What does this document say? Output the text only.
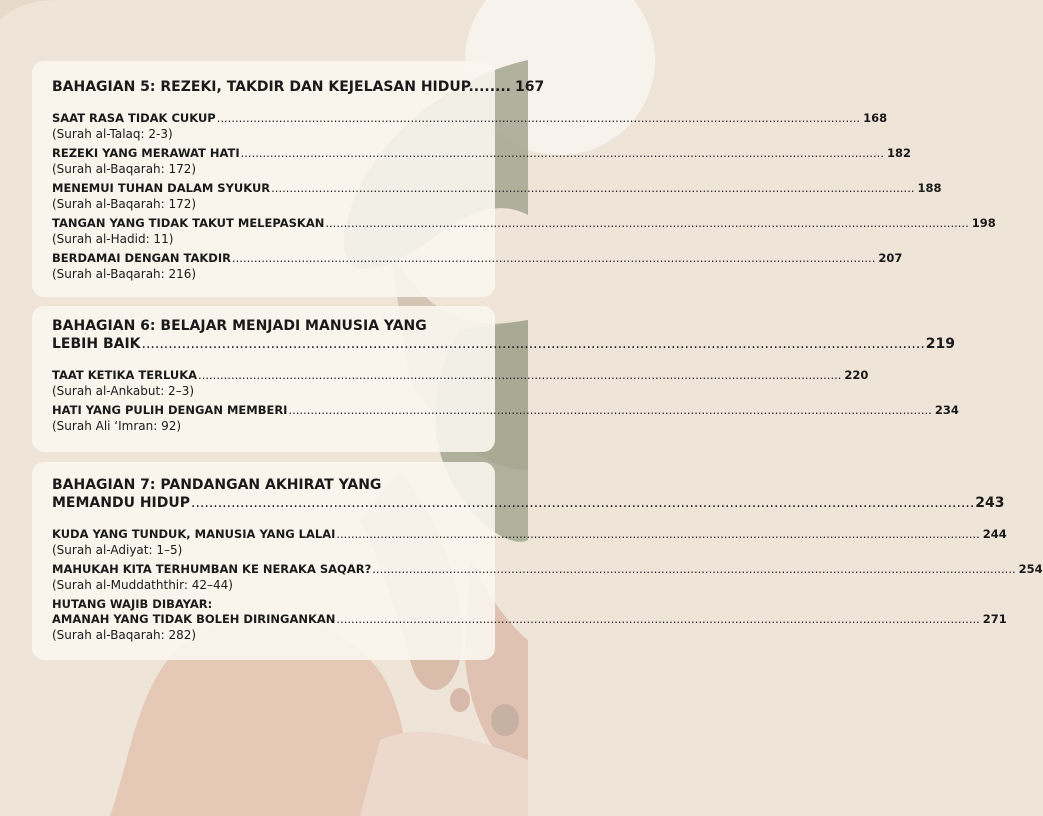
BAHAGIAN 5: REZEKI, TAKDIR DAN KEJELASAN HIDUP........ 167
SAAT RASA TIDAK CUKUP .....	168
(Surah al-Talaq: 2-3)
REZEKI YANG MERAWAT HATI .....	182
(Surah al-Baqarah: 172)
MENEMUI TUHAN DALAM SYUKUR .....	188
(Surah al-Baqarah: 172)
TANGAN YANG TIDAK TAKUT MELEPASKAN .....	198
(Surah al-Hadid: 11)
BERDAMAI DENGAN TAKDIR .....	207
(Surah al-Baqarah: 216)
BAHAGIAN 6: BELAJAR MENJADI MANUSIA YANG
LEBIH BAIK .....	219
TAAT KETIKA TERLUKA .....	220
(Surah al-Ankabut: 2–3)
HATI YANG PULIH DENGAN MEMBERI .....	234
(Surah Ali ‘Imran: 92)
BAHAGIAN 7: PANDANGAN AKHIRAT YANG
MEMANDU HIDUP .....	243
KUDA YANG TUNDUK, MANUSIA YANG LALAI .....	244
(Surah al-Adiyat: 1–5)
MAHUKAH KITA TERHUMBAN KE NERAKA SAQAR? .....	254
(Surah al-Muddaththir: 42–44)
HUTANG WAJIB DIBAYAR:
AMANAH YANG TIDAK BOLEH DIRINGANKAN .....	271
(Surah al-Baqarah: 282)
